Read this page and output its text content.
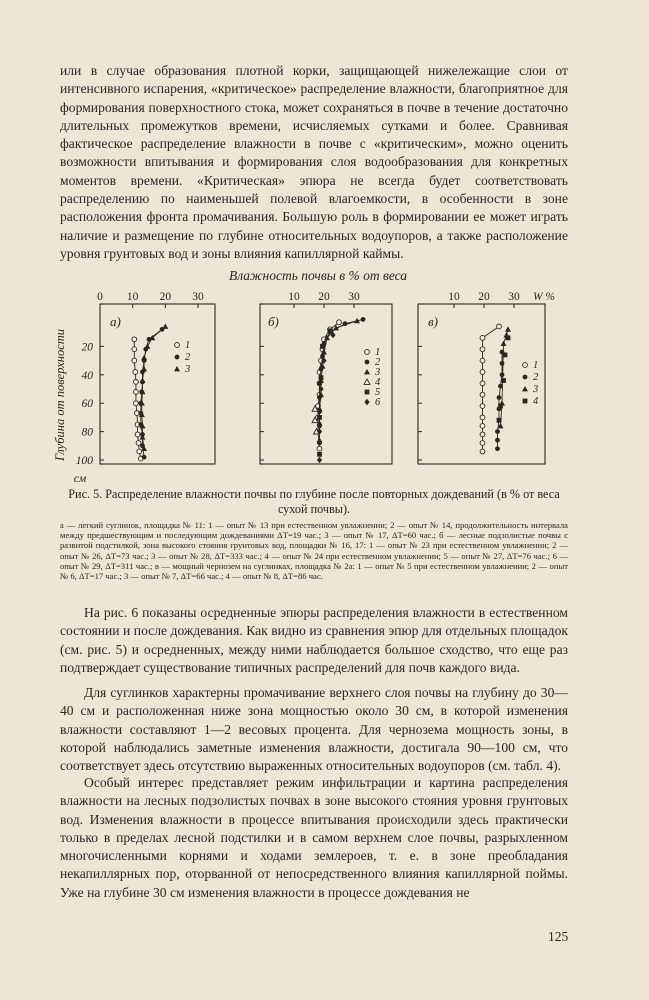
или в случае образования плотной корки, защищающей нижележащие слои от интенсивного испарения, «критическое» распределение влажности, благоприятное для формирования поверхностного стока, может сохраняться в почве в течение достаточно длительных промежутков времени, исчисляемых сутками и более. Сравнивая фактическое распределение влажности в почве с «критическим», можно оценить возможности впитывания и формирования слоя водообразования для конкретных моментов времени. «Критическая» эпюра не всегда будет соответствовать распределению по наименьшей полевой влагоемкости, в особенности в зоне расположения фронта промачивания. Большую роль в формировании ее может играть наличие и размещение по глубине относительных водоупоров, а также расположение уровня грунтовых вод и зоны влияния капиллярной каймы.

Влажность почвы в % от веса
Глубина от поверхности 20
40
60
80
100
см
0 10 20 30
а)
1
2
3
10 20 30
б)
1
2
3
4
5
6
10 20 30 W %
в)
1
2
3
4
Рис. 5. Распределение влажности почвы по глубине после повторных дождеваний (в % от веса сухой почвы).
а — легкий суглинок, площадка № 11: 1 — опыт № 13 при естественном увлажнении; 2 — опыт № 14, продолжительность интервала между предшествующим и последующим дождеваниями ΔT=19 час.; 3 — опыт № 17, ΔT=60 час.; б — лесные подзолистые почвы с развитой подстилкой, зона высокого стояния грунтовых вод, площадки № 16, 17: 1 — опыт № 23 при естественном увлажнении; 2 — опыт № 26, ΔT=73 час.; 3 — опыт № 28, ΔT=333 час.; 4 — опыт № 24 при естественном увлажнении; 5 — опыт № 27, ΔT=76 час.; 6 — опыт № 29, ΔT=311 час.; в — мощный чернозем на суглинках, площадка № 2а: 1 — опыт № 5 при естественном увлажнении; 2 — опыт № 6, ΔT=17 час.; 3 — опыт № 7, ΔT=66 час.; 4 — опыт № 8, ΔT=86 час.

На рис. 6 показаны осредненные эпюры распределения влажности в естественном состоянии и после дождевания. Как видно из сравнения эпюр для отдельных площадок (см. рис. 5) и осредненных, между ними наблюдается большое сходство, что еще раз подтверждает существование типичных распределений для почв каждого вида.

Для суглинков характерны промачивание верхнего слоя почвы на глубину до 30—40 см и расположенная ниже зона мощностью около 30 см, в которой изменения влажности составляют 1—2 весовых процента. Для чернозема мощность зоны, в которой наблюдались заметные изменения влажности, достигала 90—100 см, что соответствует здесь отсутствию выраженных относительных водоупоров (см. табл. 4).

Особый интерес представляет режим инфильтрации и картина распределения влажности на лесных подзолистых почвах в зоне высокого стояния уровня грунтовых вод. Изменения влажности в процессе впитывания происходили здесь практически только в пределах лесной подстилки и в самом верхнем слое почвы, разрыхленном многочисленными корнями и ходами землероев, т. е. в зоне преобладания некапиллярных пор, оторванной от непосредственного влияния капиллярной поймы. Уже на глубине 30 см изменения влажности в процессе дождевания не

125
